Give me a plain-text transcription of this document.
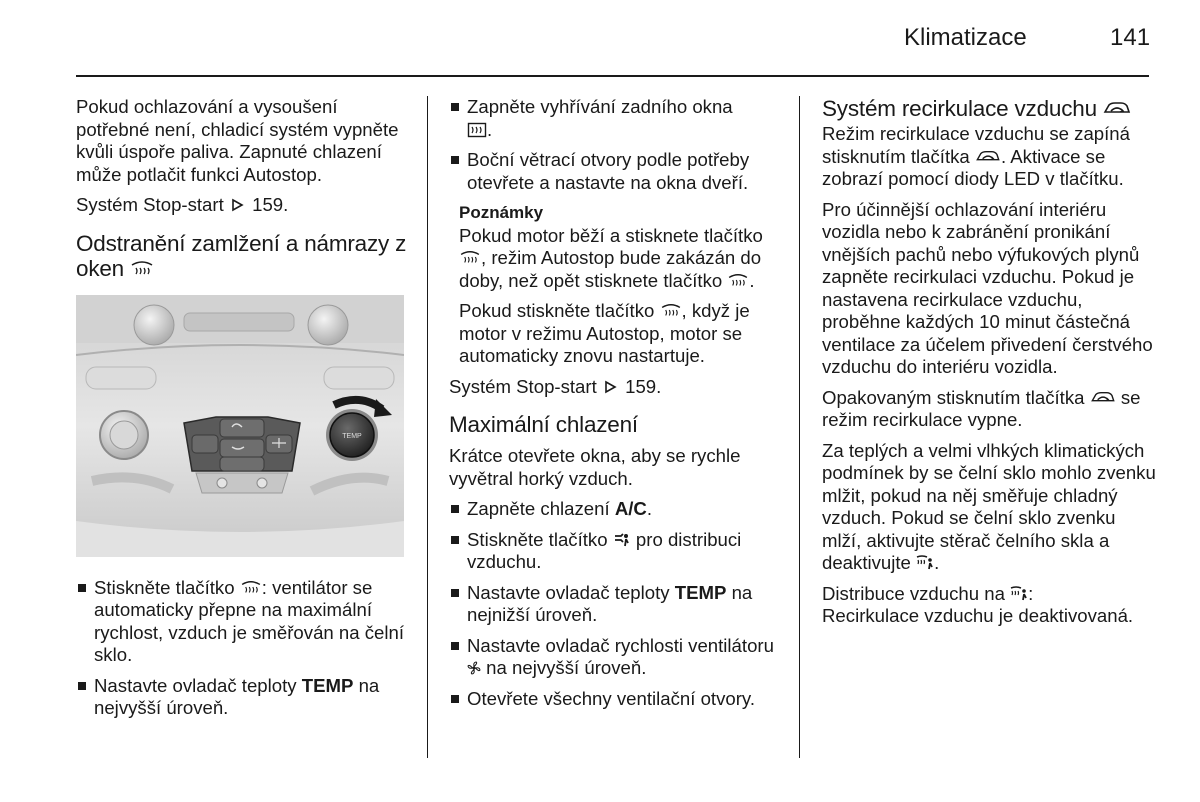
Klimatizace	141

Pokud ochlazování a vysoušení potřebné není, chladicí systém vypněte kvůli úspoře paliva. Zapnuté chlazení může potlačit funkci Autostop.

Systém Stop-start 159.

Odstranění zamlžení a námrazy z oken
TEMP
Stiskněte tlačítko : ventilátor se automaticky přepne na maximální rychlost, vzduch je směřován na čelní sklo.
Nastavte ovladač teploty TEMP na nejvyšší úroveň.
Zapněte vyhřívání zadního okna
.
Boční větrací otvory podle potřeby otevřete a nastavte na okna dveří.
Poznámky

Pokud motor běží a stisknete tlačítko , režim Autostop bude zakázán do doby, než opět stisknete tlačítko .

Pokud stiskněte tlačítko , když je motor v režimu Autostop, motor se automaticky znovu nastartuje.

Systém Stop-start 159.

Maximální chlazení

Krátce otevřete okna, aby se rychle vyvětral horký vzduch.

Zapněte chlazení A/C.
Stiskněte tlačítko pro distribuci vzduchu.
Nastavte ovladač teploty TEMP na nejnižší úroveň.
Nastavte ovladač rychlosti ventilátoru  na nejvyšší úroveň.
Otevřete všechny ventilační otvory.
Systém recirkulace vzduchu

Režim recirkulace vzduchu se zapíná stisknutím tlačítka . Aktivace se zobrazí pomocí diody LED v tlačítku.

Pro účinnější ochlazování interiéru vozidla nebo k zabránění pronikání vnějších pachů nebo výfukových plynů zapněte recirkulaci vzduchu. Pokud je nastavena recirkulace vzduchu, proběhne každých 10 minut částečná ventilace za účelem přivedení čerstvého vzduchu do interiéru vozidla.

Opakovaným stisknutím tlačítka se režim recirkulace vypne.

Za teplých a velmi vlhkých klimatických podmínek by se čelní sklo mohlo zvenku mlžit, pokud na něj směřuje chladný vzduch. Pokud se čelní sklo zvenku mlží, aktivujte stěrač čelního skla a deaktivujte .

Distribuce vzduchu na :
Recirkulace vzduchu je deaktivovaná.
